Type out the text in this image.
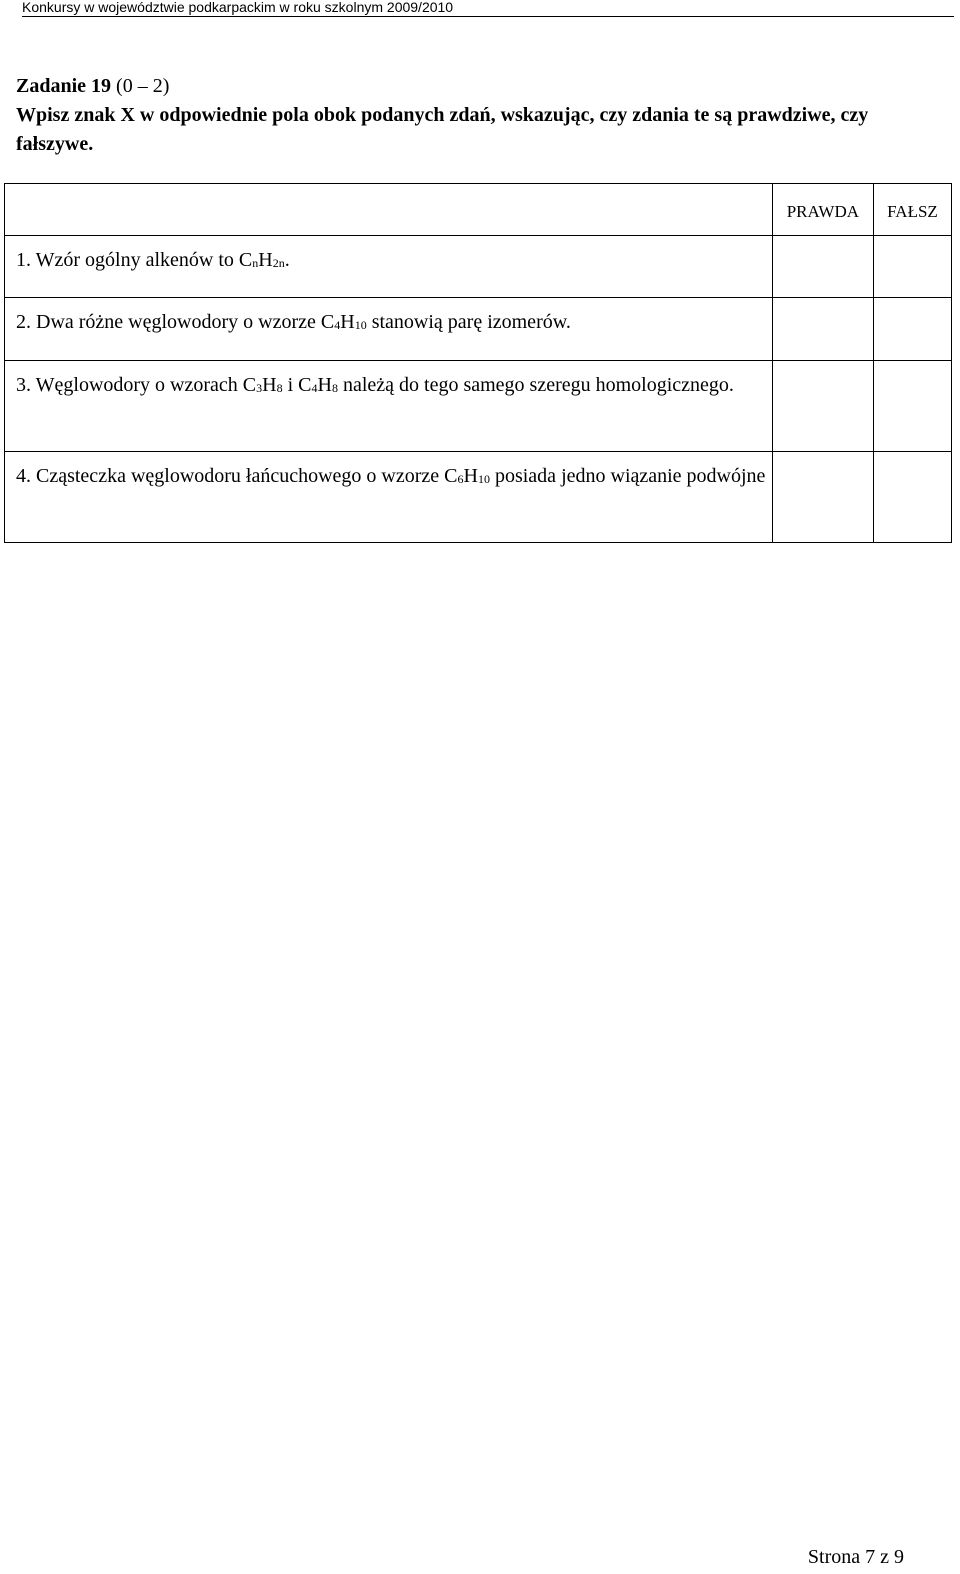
Konkursy w województwie podkarpackim w roku szkolnym 2009/2010
Zadanie 19 (0 – 2)
Wpisz znak X w odpowiednie pola obok podanych zdań, wskazując, czy zdania te są prawdziwe, czy fałszywe.
	PRAWDA	FAŁSZ

1. Wzór ogólny alkenów to CnH2n.		

2. Dwa różne węglowodory o wzorze C4H10 stanowią parę izomerów.		

3. Węglowodory o wzorach C3H8 i C4H8 należą do tego samego szeregu homologicznego.		

4. Cząsteczka węglowodoru łańcuchowego o wzorze C6H10 posiada jedno wiązanie podwójne		

Strona 7 z 9
